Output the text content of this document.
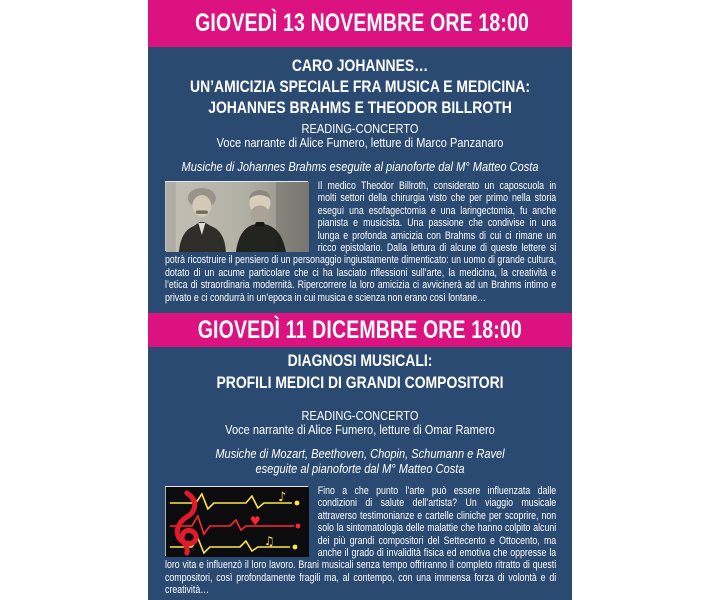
GIOVEDÌ 13 NOVEMBRE ORE 18:00
CARO JOHANNES…
UN’AMICIZIA SPECIALE FRA MUSICA E MEDICINA:
JOHANNES BRAHMS E THEODOR BILLROTH
READING-CONCERTO
Voce narrante di Alice Fumero, letture di Marco Panzanaro
Musiche di Johannes Brahms eseguite al pianoforte dal M° Matteo Costa

Il medico Theodor Billroth, considerato un caposcuola in molti settori della chirurgia visto che per primo nella storia eseguì una esofagectomia e una laringectomia, fu anche pianista e musicista. Una passione che condivise in una lunga e profonda amicizia con Brahms di cui ci rimane un ricco epistolario. Dalla lettura di alcune di queste lettere si potrà ricostruire il pensiero di un personaggio ingiustamente dimenticato: un uomo di grande cultura, dotato di un acume particolare che ci ha lasciato riflessioni sull’arte, la medicina, la creatività e l’etica di straordinaria modernità. Ripercorrere la loro amicizia ci avvicinerà ad un Brahms intimo e privato e ci condurrà in un’epoca in cui musica e scienza non erano così lontane…

GIOVEDÌ 11 DICEMBRE ORE 18:00
DIAGNOSI MUSICALI:
PROFILI MEDICI DI GRANDI COMPOSITORI
READING-CONCERTO
Voce narrante di Alice Fumero, letture di Omar Ramero
Musiche di Mozart, Beethoven, Chopin, Schumann e Ravel
eseguite al pianoforte dal M° Matteo Costa

♪
♥
♫
Fino a che punto l’arte può essere influenzata dalle condizioni di salute dell’artista? Un viaggio musicale attraverso testimonianze e cartelle cliniche per scoprire, non solo la sintomatologia delle malattie che hanno colpito alcuni dei più grandi compositori del Settecento e Ottocento, ma anche il grado di invalidità fisica ed emotiva che oppresse la loro vita e influenzò il loro lavoro. Brani musicali senza tempo offriranno il completo ritratto di questi compositori, così profondamente fragili ma, al contempo, con una immensa forza di volontà e di creatività…
